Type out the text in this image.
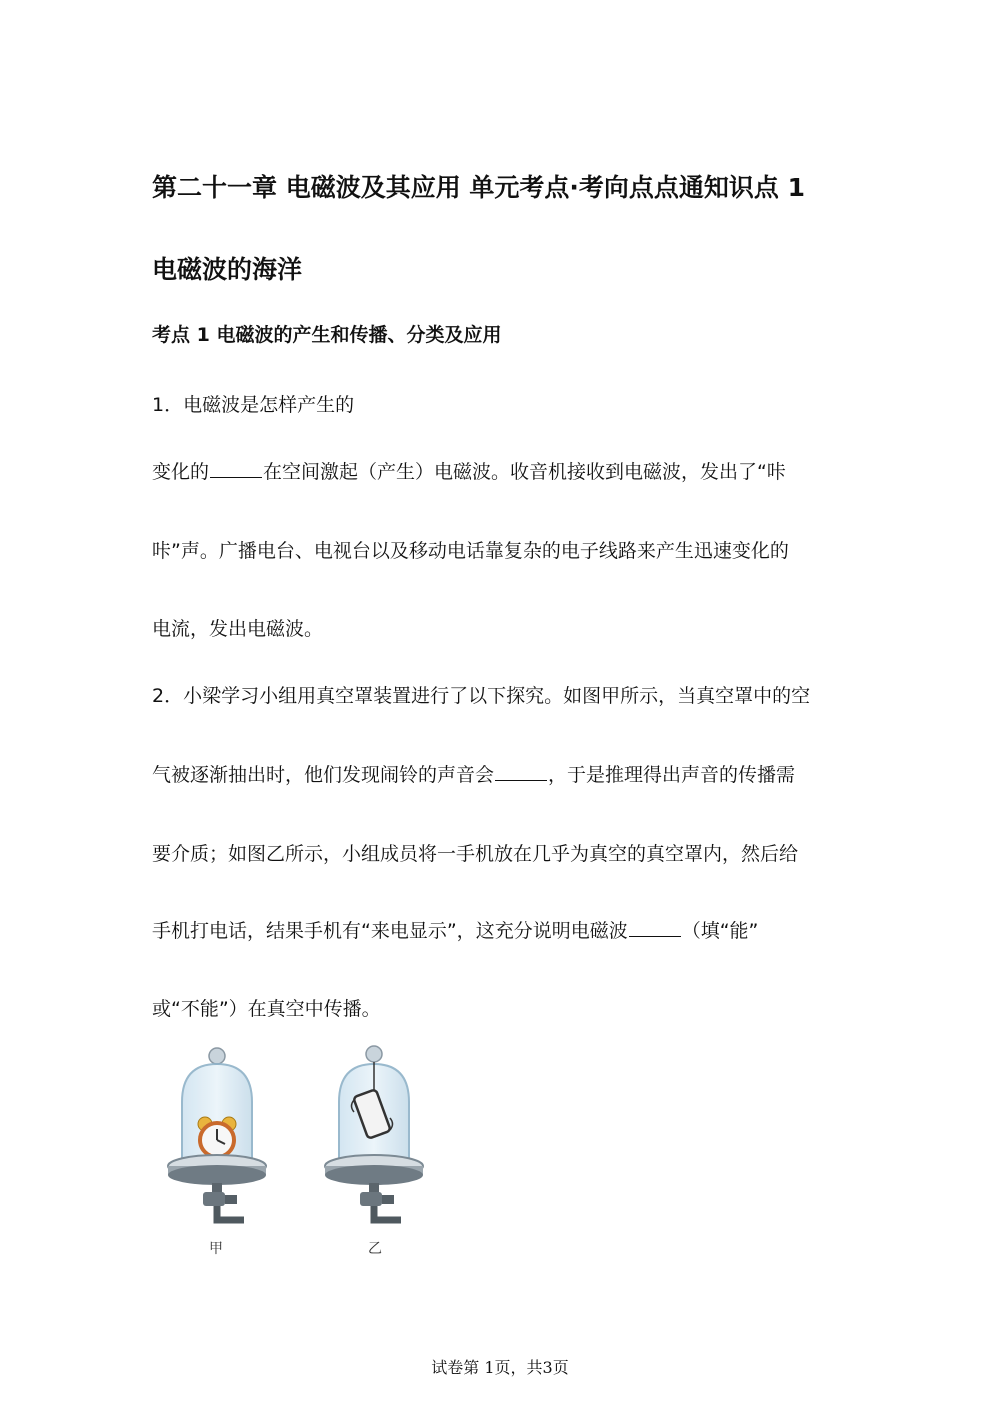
第二十一章 电磁波及其应用 单元考点·考向点点通知识点 1
电磁波的海洋
考点 1 电磁波的产生和传播、分类及应用
1．电磁波是怎样产生的
变化的	在空间激起（产生）电磁波。收音机接收到电磁波，发出了“咔
咔”声。广播电台、电视台以及移动电话靠复杂的电子线路来产生迅速变化的
电流，发出电磁波。
2．小梁学习小组用真空罩装置进行了以下探究。如图甲所示，当真空罩中的空
气被逐渐抽出时，他们发现闹铃的声音会	，于是推理得出声音的传播需
要介质；如图乙所示，小组成员将一手机放在几乎为真空的真空罩内，然后给
手机打电话，结果手机有“来电显示”，这充分说明电磁波	（填“能”
或“不能”）在真空中传播。
甲	乙
试卷第 1页，共3页
